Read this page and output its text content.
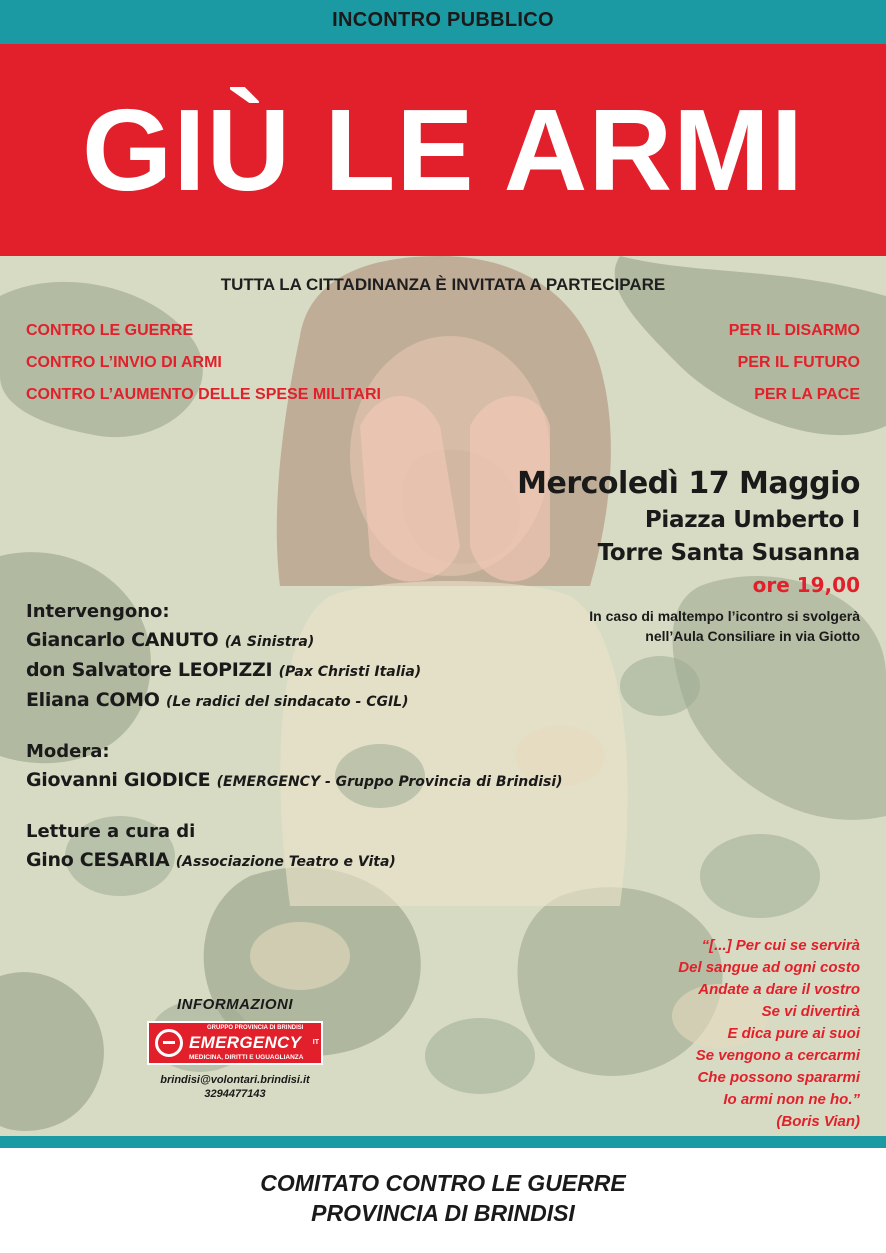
INCONTRO PUBBLICO
GIÙ LE ARMI
TUTTA LA CITTADINANZA È INVITATA A PARTECIPARE
CONTRO LE GUERRE
CONTRO L’INVIO DI ARMI
CONTRO L’AUMENTO DELLE SPESE MILITARI
PER IL DISARMO
PER IL FUTURO
PER LA PACE
Mercoledì 17 Maggio
Piazza Umberto I
Torre Santa Susanna
ore 19,00
In caso di maltempo l’icontro si svolgerà
nell’Aula Consiliare in via Giotto
Intervengono:
Giancarlo CANUTO (A Sinistra)
don Salvatore LEOPIZZI (Pax Christi Italia)
Eliana COMO (Le radici del sindacato - CGIL)
Modera:
Giovanni GIODICE (EMERGENCY - Gruppo Provincia di Brindisi)
Letture a cura di
Gino CESARIA (Associazione Teatro e Vita)
“[...] Per cui se servirà
Del sangue ad ogni costo
Andate a dare il vostro
Se vi divertirà
E dica pure ai suoi
Se vengono a cercarmi
Che possono spararmi
Io armi non ne ho.”
(Boris Vian)
INFORMAZIONI
GRUPPO PROVINCIA DI BRINDISI
EMERGENCY IT
MEDICINA, DIRITTI E UGUAGLIANZA
brindisi@volontari.brindisi.it
3294477143
COMITATO CONTRO LE GUERRE
PROVINCIA DI BRINDISI
